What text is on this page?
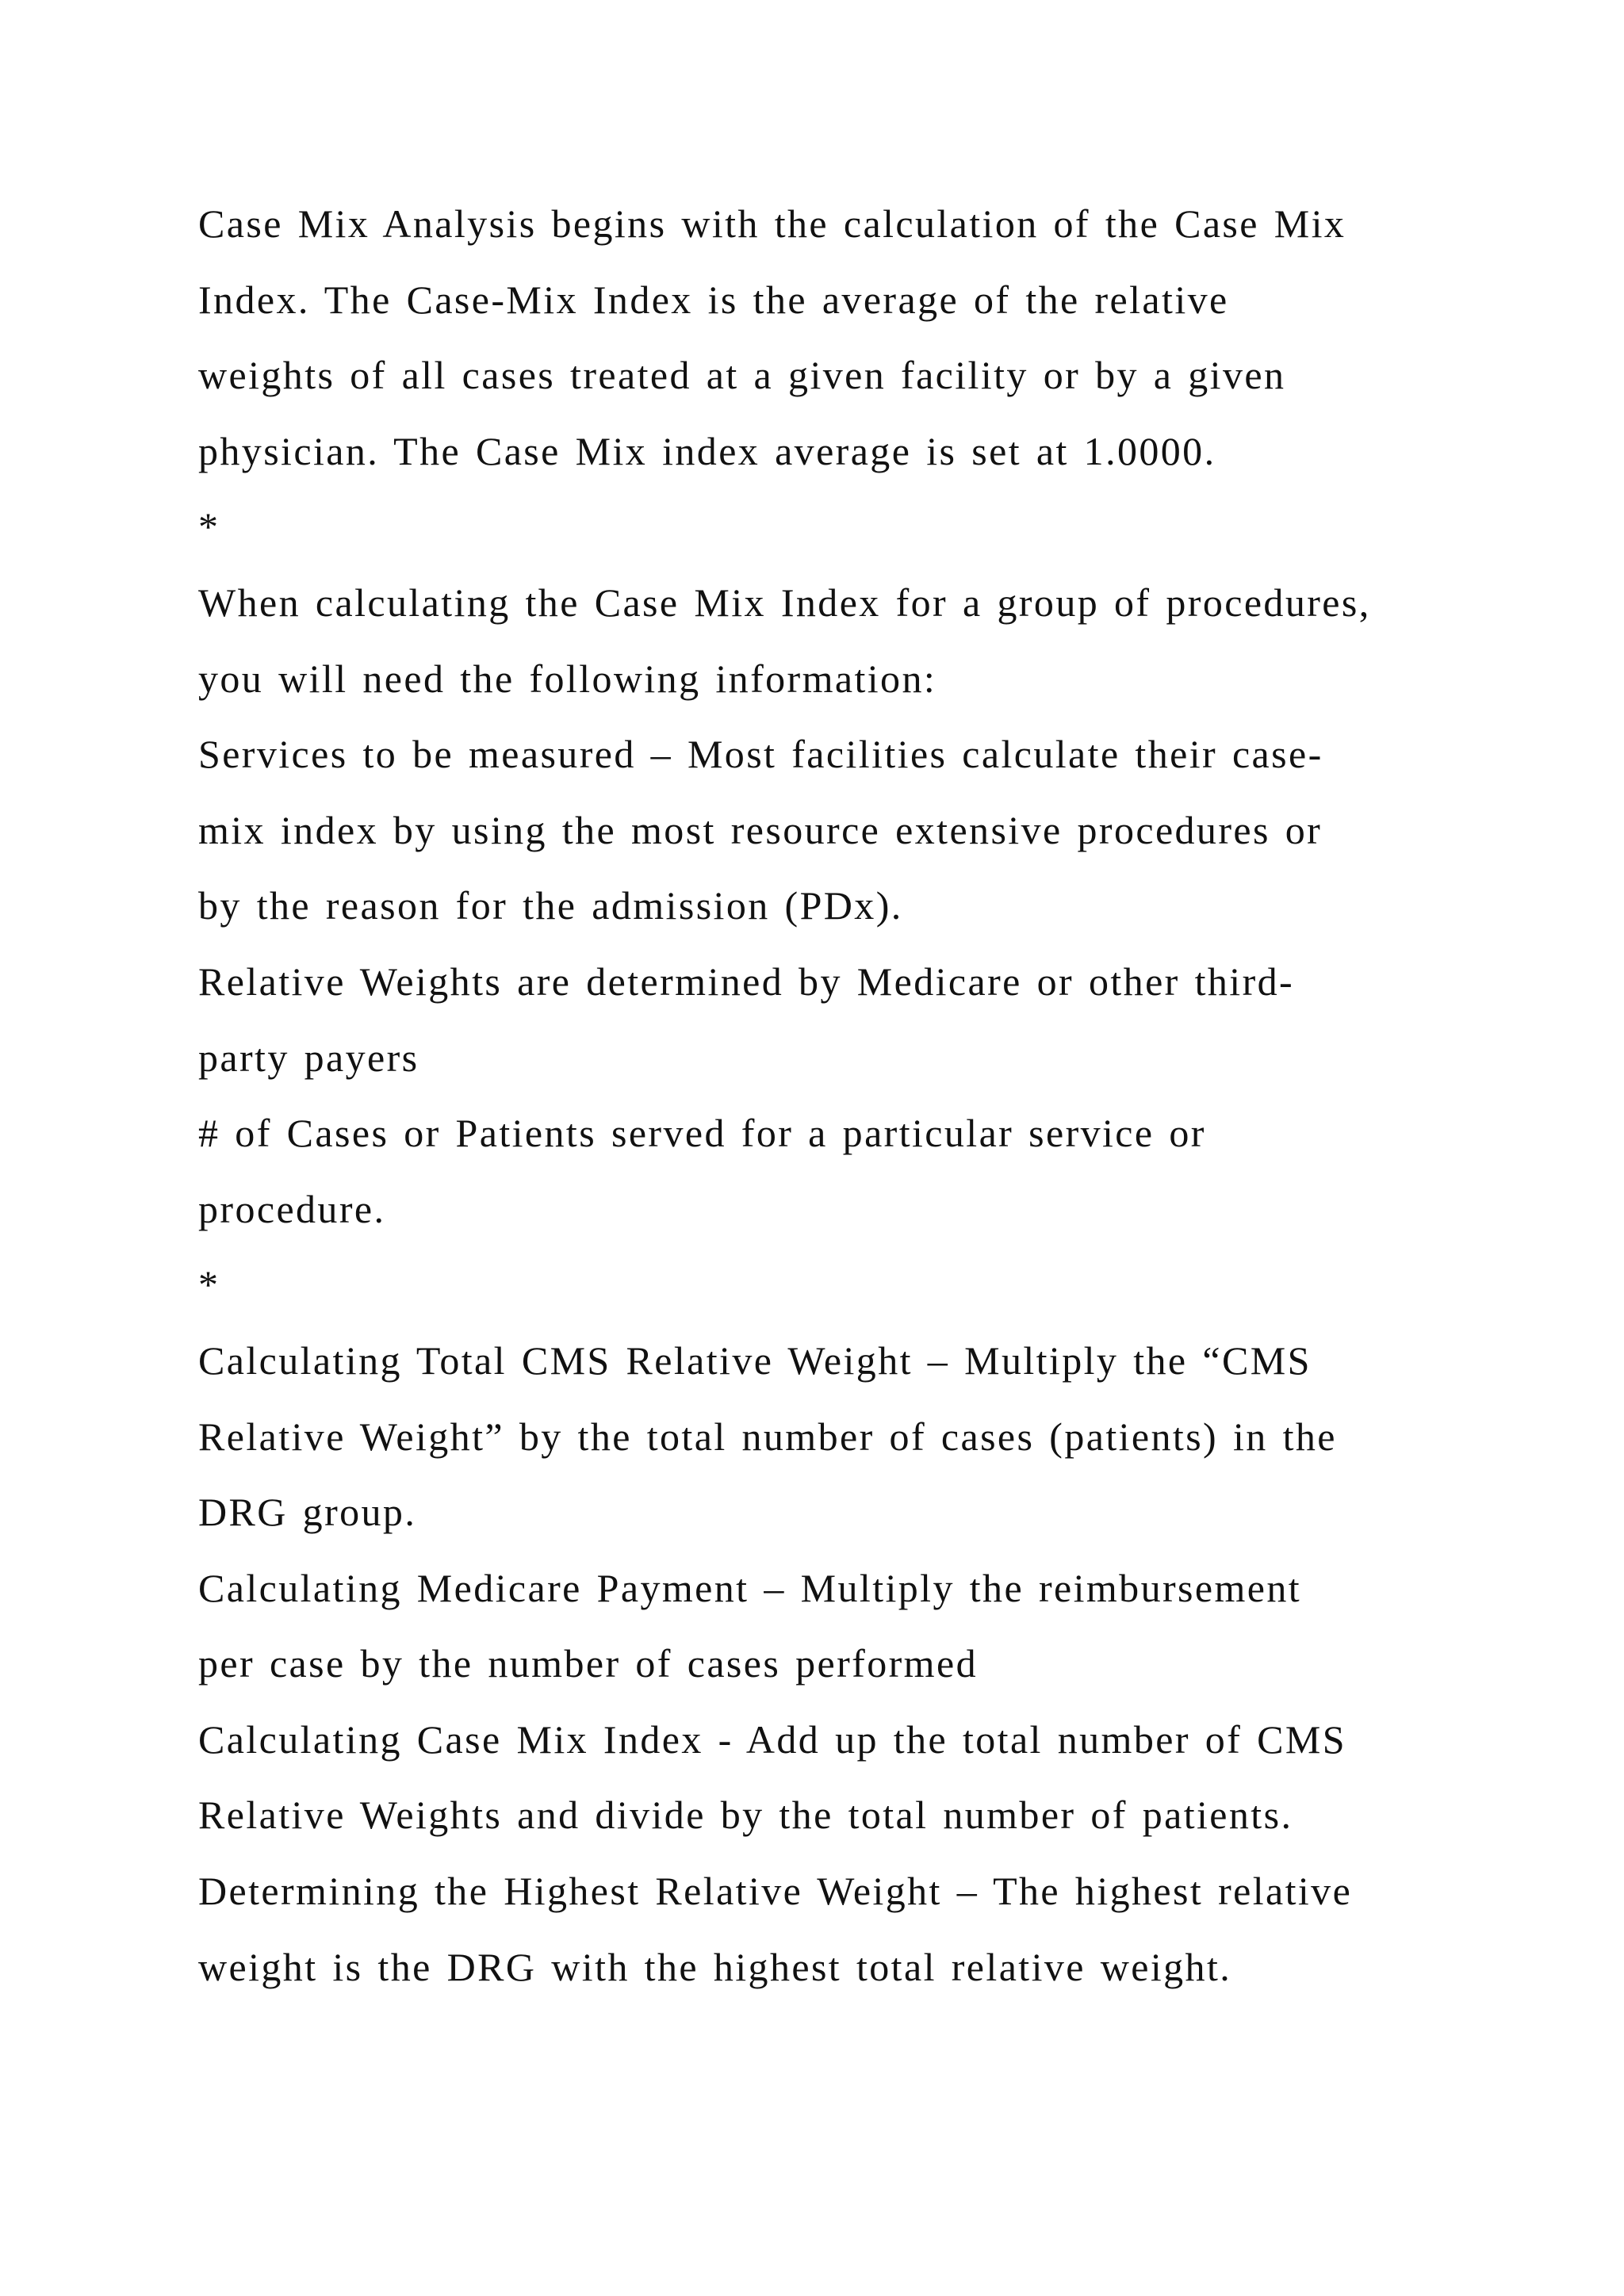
Case Mix Analysis begins with the calculation of the Case Mix
Index. The Case-Mix Index is the average of the relative
weights of all cases treated at a given facility or by a given
physician. The Case Mix index average is set at 1.0000.
*
When calculating the Case Mix Index for a group of procedures,
you will need the following information:
Services to be measured – Most facilities calculate their case-
mix index by using the most resource extensive procedures or
by the reason for the admission (PDx).
Relative Weights are determined by Medicare or other third-
party payers
# of Cases or Patients served for a particular service or
procedure.
*
Calculating Total CMS Relative Weight – Multiply the “CMS
Relative Weight” by the total number of cases (patients) in the
DRG group.
Calculating Medicare Payment – Multiply the reimbursement
per case by the number of cases performed
Calculating Case Mix Index - Add up the total number of CMS
Relative Weights and divide by the total number of patients.
Determining the Highest Relative Weight – The highest relative
weight is the DRG with the highest total relative weight.
